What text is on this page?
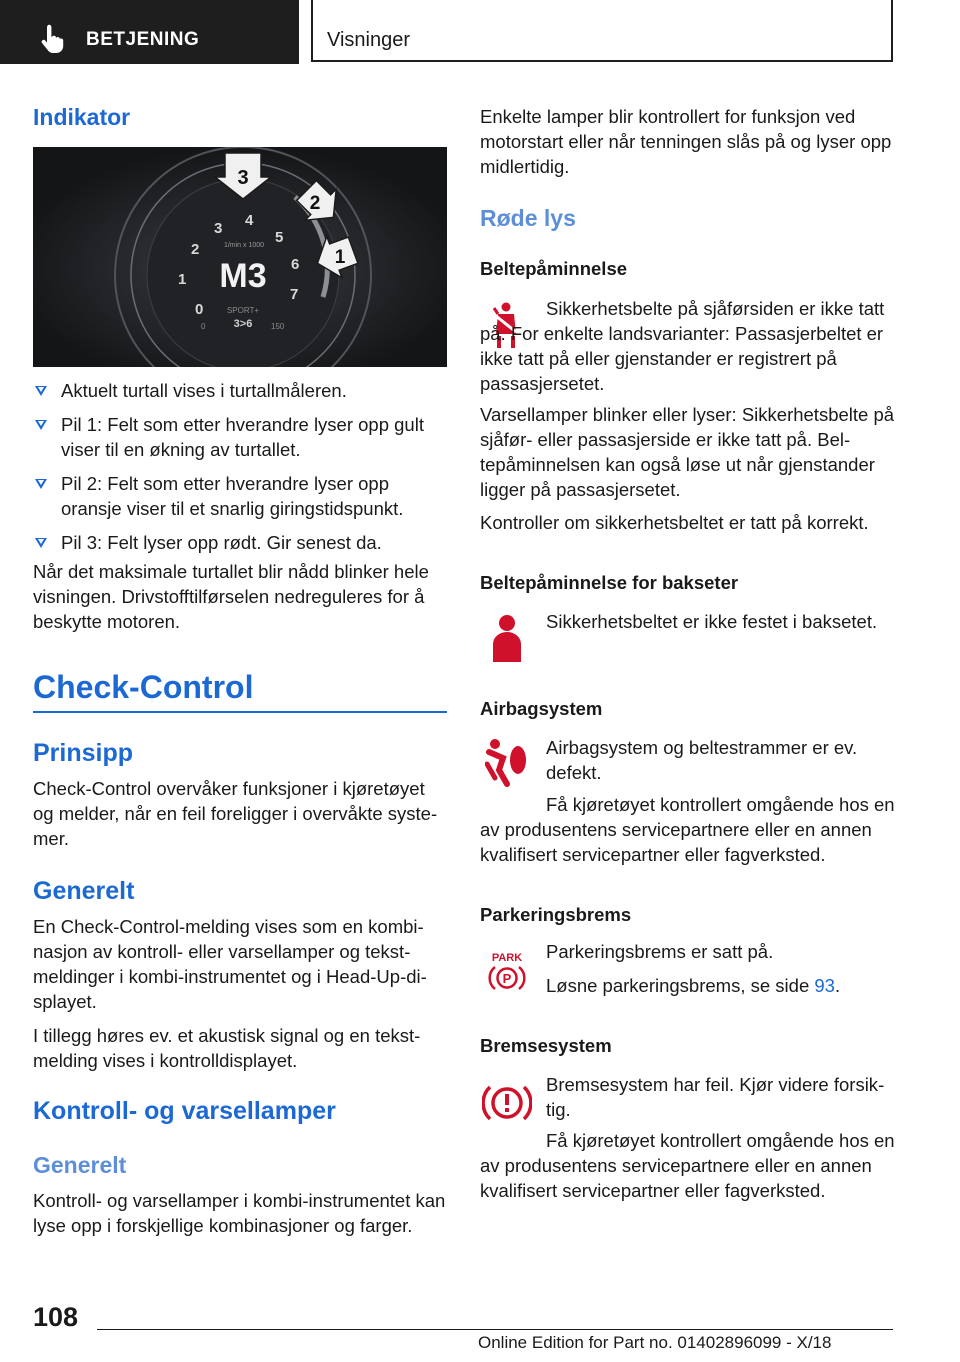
BETJENING	Visninger
Indikator
0
1
2
3 4
5
6
7
1/min x 1000
M3
SPORT+
3>6
0	150
3
2
1
Aktuelt turtall vises i turtallmåleren.
Pil 1: Felt som etter hverandre lyser opp gult viser til en økning av turtallet.
Pil 2: Felt som etter hverandre lyser opp oransje viser til et snarlig giringstidspunkt.
Pil 3: Felt lyser opp rødt. Gir senest da.

Når det maksimale turtallet blir nådd blinker hele visningen. Drivstofftilførselen nedreguleres for å beskytte motoren.

Check-Control
Prinsipp

Check-Control overvåker funksjoner i kjøretøyet og melder, når en feil foreligger i overvåkte systemer.

Generelt

En Check-Control-melding vises som en kombinasjon av kontroll- eller varsellamper og tekstmeldinger i kombi-instrumentet og i Head-Up-displayet.

I tillegg høres ev. et akustisk signal og en tekstmelding vises i kontrolldisplayet.

Kontroll- og varsellamper
Generelt

Kontroll- og varsellamper i kombi-instrumentet kan lyse opp i forskjellige kombinasjoner og farger.

Enkelte lamper blir kontrollert for funksjon ved motorstart eller når tenningen slås på og lyser opp midlertidig.

Røde lys
Beltepåminnelse

Sikkerhetsbelte på sjåførsiden er ikke tatt på. For enkelte landsvarianter: Passasjerbeltet er ikke tatt på eller gjenstander er registrert på passasjersetet.

Varsellamper blinker eller lyser: Sikkerhetsbelte på sjåfør- eller passasjerside er ikke tatt på. Beltepåminnelsen kan også løse ut når gjenstander ligger på passasjersetet.

Kontroller om sikkerhetsbeltet er tatt på korrekt.

Beltepåminnelse for bakseter

Sikkerhetsbeltet er ikke festet i baksetet.

Airbagsystem

Airbagsystem og beltestrammer er ev. defekt.

Få kjøretøyet kontrollert omgående hos en av produsentens servicepartnere eller en annen kvalifisert servicepartner eller fagverksted.

Parkeringsbrems
PARK
P

Parkeringsbrems er satt på.

Løsne parkeringsbrems, se side 93.

Bremsesystem

Bremsesystem har feil. Kjør videre forsiktig.

Få kjøretøyet kontrollert omgående hos en av produsentens servicepartnere eller en annen kvalifisert servicepartner eller fagverksted.

108
Online Edition for Part no. 01402896099 - X/18
